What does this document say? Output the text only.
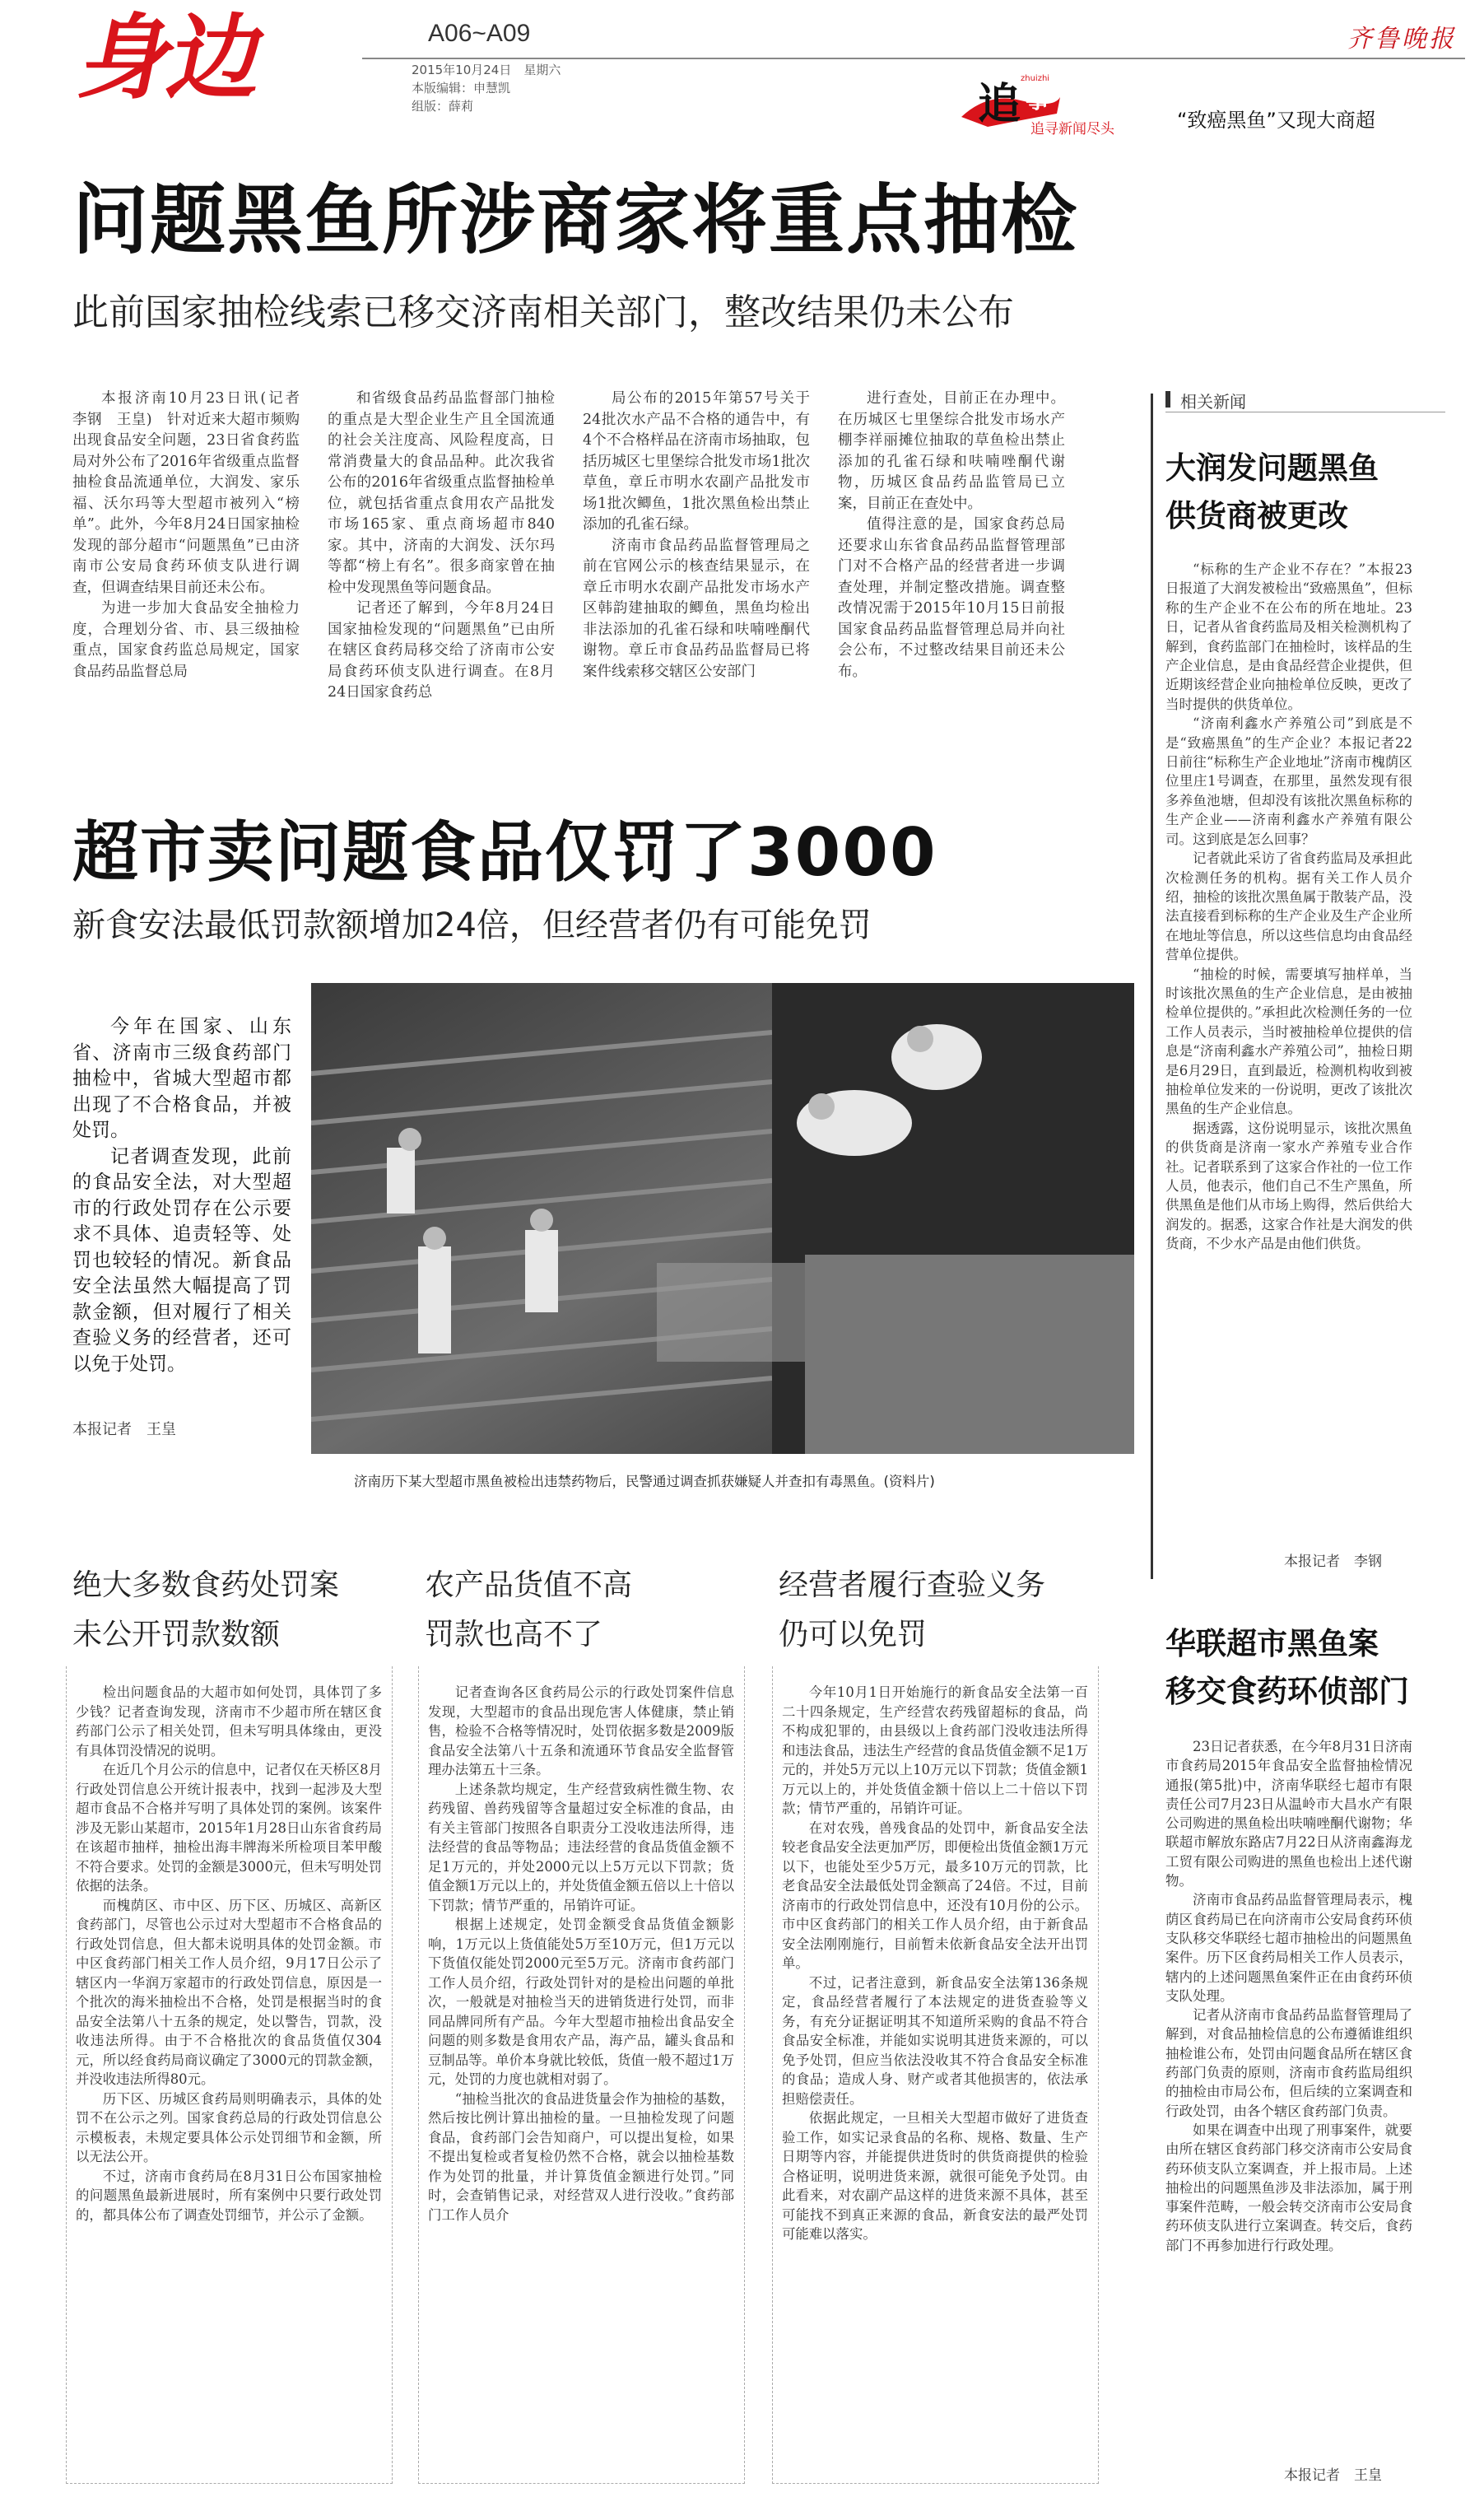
身边	A06~A09
2015年10月24日　星期六
本版编辑：申慧凯
组版：薛莉
齐鲁晚报
追 事
zhuizhi
追寻新闻尽头	“致癌黑鱼”又现大商超
问题黑鱼所涉商家将重点抽检
此前国家抽检线索已移交济南相关部门，整改结果仍未公布

本报济南10月23日讯(记者　李钢　王皇)　针对近来大超市频购出现食品安全问题，23日省食药监局对外公布了2016年省级重点监督抽检食品流通单位，大润发、家乐福、沃尔玛等大型超市被列入“榜单”。此外，今年8月24日国家抽检发现的部分超市“问题黑鱼”已由济南市公安局食药环侦支队进行调查，但调查结果目前还未公布。

为进一步加大食品安全抽检力度，合理划分省、市、县三级抽检重点，国家食药监总局规定，国家食品药品监督总局

和省级食品药品监督部门抽检的重点是大型企业生产且全国流通的社会关注度高、风险程度高，日常消费量大的食品品种。此次我省公布的2016年省级重点监督抽检单位，就包括省重点食用农产品批发市场165家、重点商场超市840家。其中，济南的大润发、沃尔玛等都“榜上有名”。很多商家曾在抽检中发现黑鱼等问题食品。

记者还了解到，今年8月24日国家抽检发现的“问题黑鱼”已由所在辖区食药局移交给了济南市公安局食药环侦支队进行调查。在8月24日国家食药总

局公布的2015年第57号关于24批次水产品不合格的通告中，有4个不合格样品在济南市场抽取，包括历城区七里堡综合批发市场1批次草鱼，章丘市明水农副产品批发市场1批次鲫鱼，1批次黑鱼检出禁止添加的孔雀石绿。

济南市食品药品监督管理局之前在官网公示的核查结果显示，在章丘市明水农副产品批发市场水产区韩韵建抽取的鲫鱼，黑鱼均检出非法添加的孔雀石绿和呋喃唑酮代谢物。章丘市食品药品监督局已将案件线索移交辖区公安部门

进行查处，目前正在办理中。在历城区七里堡综合批发市场水产棚李祥丽摊位抽取的草鱼检出禁止添加的孔雀石绿和呋喃唑酮代谢物，历城区食品药品监管局已立案，目前正在查处中。

值得注意的是，国家食药总局还要求山东省食品药品监督管理部门对不合格产品的经营者进一步调查处理，并制定整改措施。调查整改情况需于2015年10月15日前报国家食品药品监督管理总局并向社会公布，不过整改结果目前还未公布。

相关新闻
大润发问题黑鱼
供货商被更改

“标称的生产企业不存在？”本报23日报道了大润发被检出“致癌黑鱼”，但标称的生产企业不在公布的所在地址。23日，记者从省食药监局及相关检测机构了解到，食药监部门在抽检时，该样品的生产企业信息，是由食品经营企业提供，但近期该经营企业向抽检单位反映，更改了当时提供的供货单位。

“济南利鑫水产养殖公司”到底是不是“致癌黑鱼”的生产企业？本报记者22日前往“标称生产企业地址”济南市槐荫区位里庄1号调查，在那里，虽然发现有很多养鱼池塘，但却没有该批次黑鱼标称的生产企业——济南利鑫水产养殖有限公司。这到底是怎么回事？

记者就此采访了省食药监局及承担此次检测任务的机构。据有关工作人员介绍，抽检的该批次黑鱼属于散装产品，没法直接看到标称的生产企业及生产企业所在地址等信息，所以这些信息均由食品经营单位提供。

“抽检的时候，需要填写抽样单，当时该批次黑鱼的生产企业信息，是由被抽检单位提供的。”承担此次检测任务的一位工作人员表示，当时被抽检单位提供的信息是“济南利鑫水产养殖公司”，抽检日期是6月29日，直到最近，检测机构收到被抽检单位发来的一份说明，更改了该批次黑鱼的生产企业信息。

据透露，这份说明显示，该批次黑鱼的供货商是济南一家水产养殖专业合作社。记者联系到了这家合作社的一位工作人员，他表示，他们自己不生产黑鱼，所供黑鱼是他们从市场上购得，然后供给大润发的。据悉，这家合作社是大润发的供货商，不少水产品是由他们供货。

本报记者　李钢
华联超市黑鱼案
移交食药环侦部门

23日记者获悉，在今年8月31日济南市食药局2015年食品安全监督抽检情况通报(第5批)中，济南华联经七超市有限责任公司7月23日从温岭市大昌水产有限公司购进的黑鱼检出呋喃唑酮代谢物；华联超市解放东路店7月22日从济南鑫海龙工贸有限公司购进的黑鱼也检出上述代谢物。

济南市食品药品监督管理局表示，槐荫区食药局已在向济南市公安局食药环侦支队移交华联经七超市抽检出的问题黑鱼案件。历下区食药局相关工作人员表示，辖内的上述问题黑鱼案件正在由食药环侦支队处理。

记者从济南市食品药品监督管理局了解到，对食品抽检信息的公布遵循谁组织抽检谁公布，处罚由问题食品所在辖区食药部门负责的原则，济南市食药监局组织的抽检由市局公布，但后续的立案调查和行政处罚，由各个辖区食药部门负责。

如果在调查中出现了刑事案件，就要由所在辖区食药部门移交济南市公安局食药环侦支队立案调查，并上报市局。上述抽检出的问题黑鱼涉及非法添加，属于刑事案件范畴，一般会转交济南市公安局食药环侦支队进行立案调查。转交后，食药部门不再参加进行行政处理。

本报记者　王皇
超市卖问题食品仅罚了3000
新食安法最低罚款额增加24倍，但经营者仍有可能免罚

今年在国家、山东省、济南市三级食药部门抽检中，省城大型超市都出现了不合格食品，并被处罚。

记者调查发现，此前的食品安全法，对大型超市的行政处罚存在公示要求不具体、追责轻等、处罚也较轻的情况。新食品安全法虽然大幅提高了罚款金额，但对履行了相关查验义务的经营者，还可以免于处罚。

本报记者　王皇
济南历下某大型超市黑鱼被检出违禁药物后，民警通过调查抓获嫌疑人并查扣有毒黑鱼。(资料片)
绝大多数食药处罚案
未公开罚款数额
农产品货值不高
罚款也高不了
经营者履行查验义务
仍可以免罚

检出问题食品的大超市如何处罚，具体罚了多少钱？记者查询发现，济南市不少超市所在辖区食药部门公示了相关处罚，但未写明具体缘由，更没有具体罚没情况的说明。

在近几个月公示的信息中，记者仅在天桥区8月行政处罚信息公开统计报表中，找到一起涉及大型超市食品不合格并写明了具体处罚的案例。该案件涉及无影山某超市，2015年1月28日山东省食药局在该超市抽样，抽检出海丰牌海米所检项目苯甲酸不符合要求。处罚的金额是3000元，但未写明处罚依据的法条。

而槐荫区、市中区、历下区、历城区、高新区食药部门，尽管也公示过对大型超市不合格食品的行政处罚信息，但大都未说明具体的处罚金额。市中区食药部门相关工作人员介绍，9月17日公示了辖区内一华润万家超市的行政处罚信息，原因是一个批次的海米抽检出不合格，处罚是根据当时的食品安全法第八十五条的规定，处以警告，罚款，没收违法所得。由于不合格批次的食品货值仅304元，所以经食药局商议确定了3000元的罚款金额，并没收违法所得80元。

历下区、历城区食药局则明确表示，具体的处罚不在公示之列。国家食药总局的行政处罚信息公示模板表，未规定要具体公示处罚细节和金额，所以无法公开。

不过，济南市食药局在8月31日公布国家抽检的问题黑鱼最新进展时，所有案例中只要行政处罚的，都具体公布了调查处罚细节，并公示了金额。

记者查询各区食药局公示的行政处罚案件信息发现，大型超市的食品出现危害人体健康，禁止销售，检验不合格等情况时，处罚依据多数是2009版食品安全法第八十五条和流通环节食品安全监督管理办法第五十三条。

上述条款均规定，生产经营致病性微生物、农药残留、兽药残留等含量超过安全标准的食品，由有关主管部门按照各自职责分工没收违法所得，违法经营的食品等物品；违法经营的食品货值金额不足1万元的，并处2000元以上5万元以下罚款；货值金额1万元以上的，并处货值金额五倍以上十倍以下罚款；情节严重的，吊销许可证。

根据上述规定，处罚金额受食品货值金额影响，1万元以上货值能处5万至10万元，但1万元以下货值仅能处罚2000元至5万元。济南市食药部门工作人员介绍，行政处罚针对的是检出问题的单批次，一般就是对抽检当天的进销货进行处罚，而非同品牌同所有产品。今年大型超市抽检出食品安全问题的则多数是食用农产品，海产品，罐头食品和豆制品等。单价本身就比较低，货值一般不超过1万元，处罚的力度也就相对弱了。

“抽检当批次的食品进货量会作为抽检的基数，然后按比例计算出抽检的量。一旦抽检发现了问题食品，食药部门会告知商户，可以提出复检，如果不提出复检或者复检仍然不合格，就会以抽检基数作为处罚的批量，并计算货值金额进行处罚。”同时，会查销售记录，对经营双人进行没收。”食药部门工作人员介

今年10月1日开始施行的新食品安全法第一百二十四条规定，生产经营农药残留超标的食品，尚不构成犯罪的，由县级以上食药部门没收违法所得和违法食品，违法生产经营的食品货值金额不足1万元的，并处5万元以上10万元以下罚款；货值金额1万元以上的，并处货值金额十倍以上二十倍以下罚款；情节严重的，吊销许可证。

在对农残，兽残食品的处罚中，新食品安全法较老食品安全法更加严厉，即便检出货值金额1万元以下，也能处至少5万元，最多10万元的罚款，比老食品安全法最低处罚金额高了24倍。不过，目前济南市的行政处罚信息中，还没有10月份的公示。市中区食药部门的相关工作人员介绍，由于新食品安全法刚刚施行，目前暂未依新食品安全法开出罚单。

不过，记者注意到，新食品安全法第136条规定，食品经营者履行了本法规定的进货查验等义务，有充分证据证明其不知道所采购的食品不符合食品安全标准，并能如实说明其进货来源的，可以免予处罚，但应当依法没收其不符合食品安全标准的食品；造成人身、财产或者其他损害的，依法承担赔偿责任。

依据此规定，一旦相关大型超市做好了进货查验工作，如实记录食品的名称、规格、数量、生产日期等内容，并能提供进货时的供货商提供的检验合格证明，说明进货来源，就很可能免予处罚。由此看来，对农副产品这样的进货来源不具体，甚至可能找不到真正来源的食品，新食安法的最严处罚可能难以落实。
